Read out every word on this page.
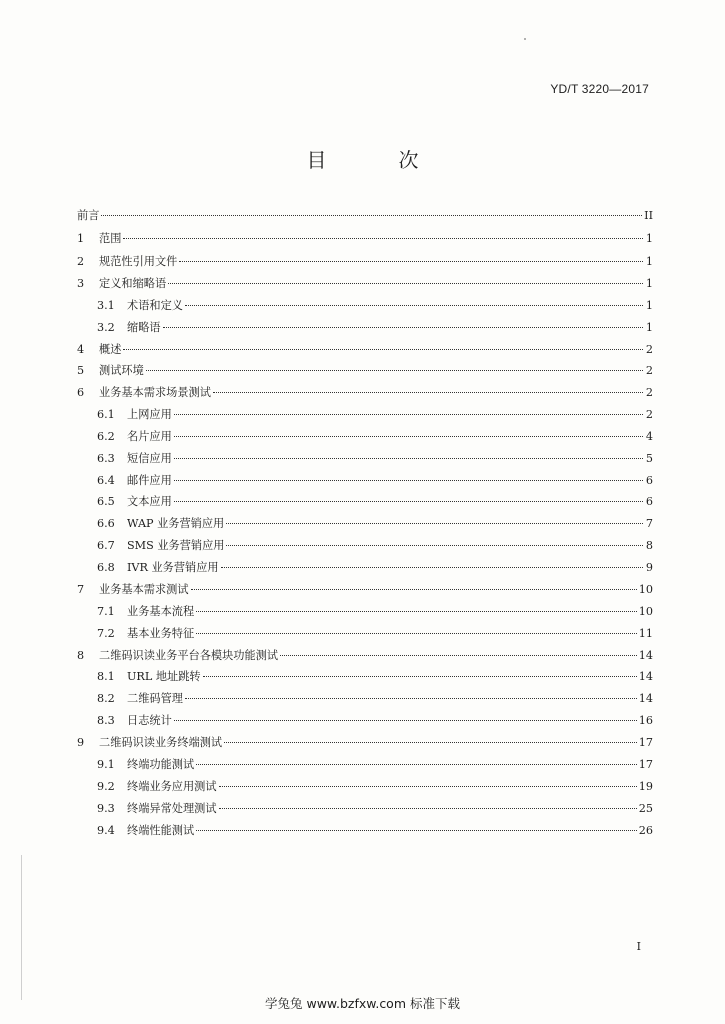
YD/T 3220—2017
目　次
前言	II
1	范围	1
2	规范性引用文件	1
3	定义和缩略语	1
3.1	术语和定义	1
3.2	缩略语	1
4	概述	2
5	测试环境	2
6	业务基本需求场景测试	2
6.1	上网应用	2
6.2	名片应用	4
6.3	短信应用	5
6.4	邮件应用	6
6.5	文本应用	6
6.6	WAP 业务营销应用	7
6.7	SMS 业务营销应用	8
6.8	IVR 业务营销应用	9
7	业务基本需求测试	10
7.1	业务基本流程	10
7.2	基本业务特征	11
8	二维码识读业务平台各模块功能测试	14
8.1	URL 地址跳转	14
8.2	二维码管理	14
8.3	日志统计	16
9	二维码识读业务终端测试	17
9.1	终端功能测试	17
9.2	终端业务应用测试	19
9.3	终端异常处理测试	25
9.4	终端性能测试	26
I
学兔兔 www.bzfxw.com 标准下载
